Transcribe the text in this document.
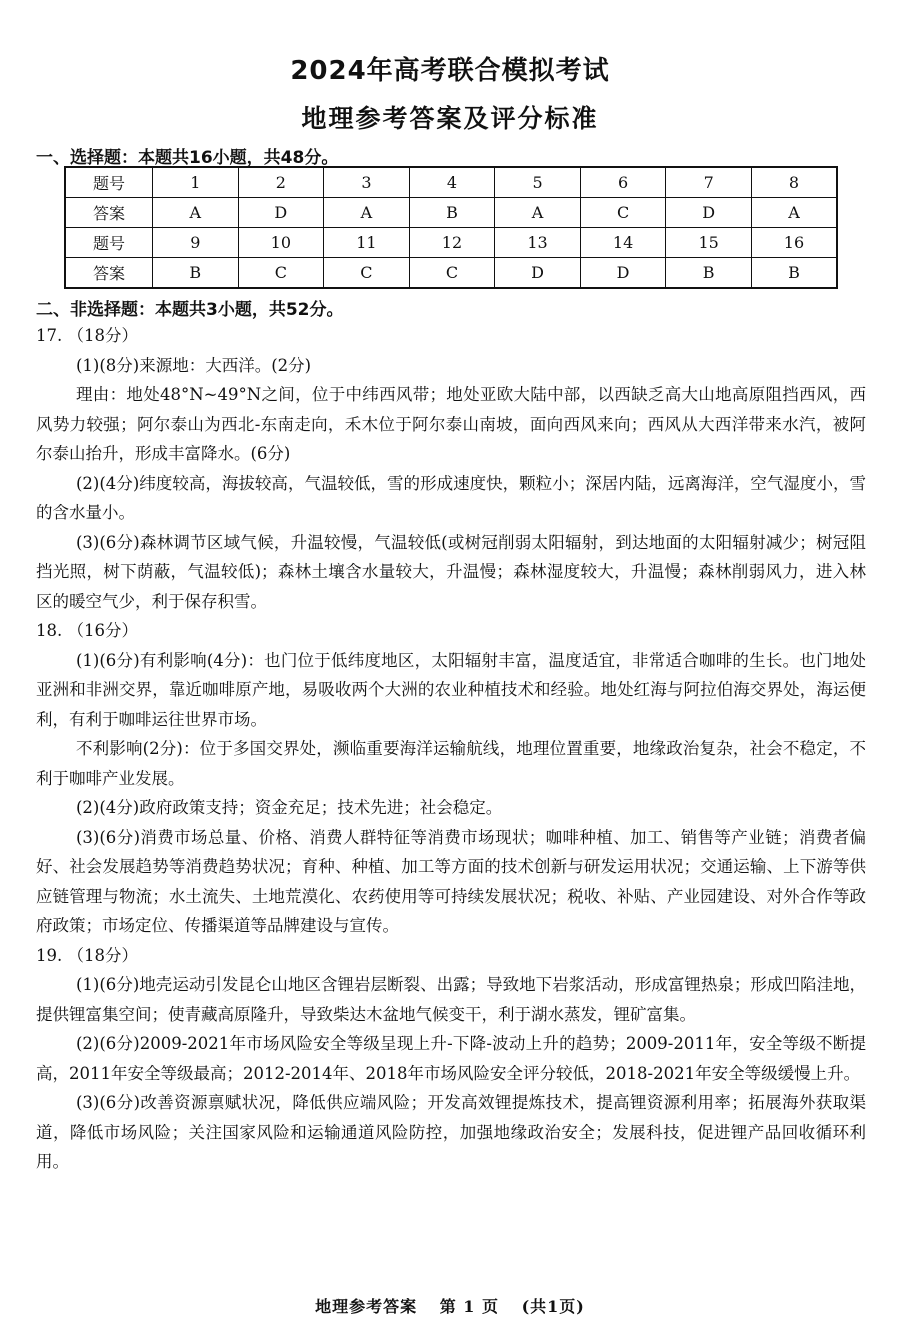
2024年高考联合模拟考试
地理参考答案及评分标准
一、选择题：本题共16小题，共48分。
题号	1	2	3	4	5	6	7	8
答案	A	D	A	B	A	C	D	A
题号	9	10	11	12	13	14	15	16
答案	B	C	C	C	D	D	B	B
二、非选择题：本题共3小题，共52分。

17. （18分）

(1)(8分)来源地：大西洋。(2分)

理由：地处48°N~49°N之间，位于中纬西风带；地处亚欧大陆中部，以西缺乏高大山地高原阻挡西风，西风势力较强；阿尔泰山为西北-东南走向，禾木位于阿尔泰山南坡，面向西风来向；西风从大西洋带来水汽，被阿尔泰山抬升，形成丰富降水。(6分)

(2)(4分)纬度较高，海拔较高，气温较低，雪的形成速度快，颗粒小；深居内陆，远离海洋，空气湿度小，雪的含水量小。

(3)(6分)森林调节区域气候，升温较慢，气温较低(或树冠削弱太阳辐射，到达地面的太阳辐射减少；树冠阻挡光照，树下荫蔽，气温较低)；森林土壤含水量较大，升温慢；森林湿度较大，升温慢；森林削弱风力，进入林区的暖空气少，利于保存积雪。

18. （16分）

(1)(6分)有利影响(4分)：也门位于低纬度地区，太阳辐射丰富，温度适宜，非常适合咖啡的生长。也门地处亚洲和非洲交界，靠近咖啡原产地，易吸收两个大洲的农业种植技术和经验。地处红海与阿拉伯海交界处，海运便利，有利于咖啡运往世界市场。

不利影响(2分)：位于多国交界处，濒临重要海洋运输航线，地理位置重要，地缘政治复杂，社会不稳定，不利于咖啡产业发展。

(2)(4分)政府政策支持；资金充足；技术先进；社会稳定。

(3)(6分)消费市场总量、价格、消费人群特征等消费市场现状；咖啡种植、加工、销售等产业链；消费者偏好、社会发展趋势等消费趋势状况；育种、种植、加工等方面的技术创新与研发运用状况；交通运输、上下游等供应链管理与物流；水土流失、土地荒漠化、农药使用等可持续发展状况；税收、补贴、产业园建设、对外合作等政府政策；市场定位、传播渠道等品牌建设与宣传。

19. （18分）

(1)(6分)地壳运动引发昆仑山地区含锂岩层断裂、出露；导致地下岩浆活动，形成富锂热泉；形成凹陷洼地，提供锂富集空间；使青藏高原隆升，导致柴达木盆地气候变干，利于湖水蒸发，锂矿富集。

(2)(6分)2009-2021年市场风险安全等级呈现上升-下降-波动上升的趋势；2009-2011年，安全等级不断提高，2011年安全等级最高；2012-2014年、2018年市场风险安全评分较低，2018-2021年安全等级缓慢上升。

(3)(6分)改善资源禀赋状况，降低供应端风险；开发高效锂提炼技术，提高锂资源利用率；拓展海外获取渠道，降低市场风险；关注国家风险和运输通道风险防控，加强地缘政治安全；发展科技，促进锂产品回收循环利用。

地理参考答案 第 1 页 (共1页)
